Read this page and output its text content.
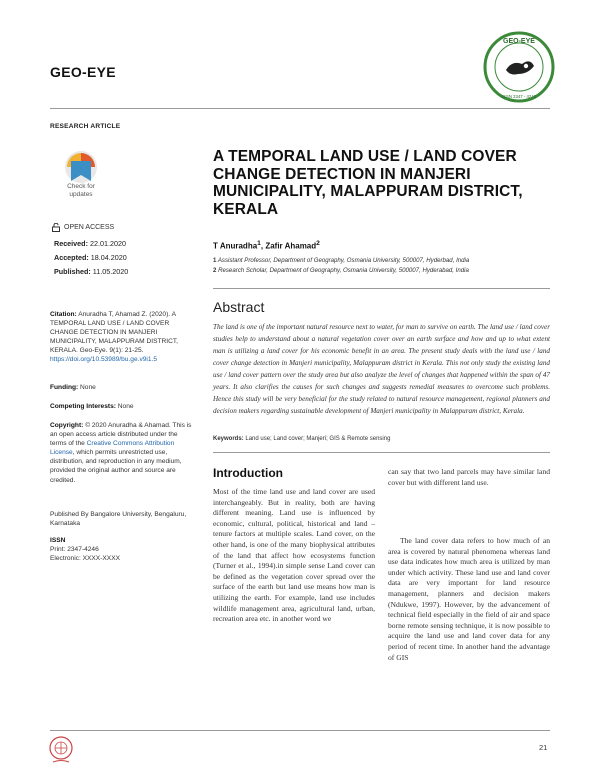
GEO-EYE
GEO-EYE
ISSN 2347 - 4246
RESEARCH ARTICLE
Check for
updates
OPEN ACCESS
Received: 22.01.2020
Accepted: 18.04.2020
Published: 11.05.2020
Citation: Anuradha T, Ahamad Z. (2020). A TEMPORAL LAND USE / LAND COVER CHANGE DETECTION IN MANJERI MUNICIPALITY, MALAPPURAM DISTRICT, KERALA. Geo-Eye. 9(1): 21-25. https://doi.org/10.53989/bu.ge.v9i1.5
Funding: None
Competing Interests: None
Copyright: © 2020 Anuradha & Ahamad. This is an open access article distributed under the terms of the Creative Commons Attribution License, which permits unrestricted use, distribution, and reproduction in any medium, provided the original author and source are credited.
Published By Bangalore University, Bengaluru, Karnataka
ISSN
Print: 2347-4246
Electronic: XXXX-XXXX
A TEMPORAL LAND USE / LAND COVER CHANGE DETECTION IN MANJERI MUNICIPALITY, MALAPPURAM DISTRICT, KERALA
T Anuradha$^1$, Zafir Ahamad$^2$
1 Assistant Professor, Department of Geography, Osmania University, 500007, Hyderbad, India
2 Research Scholar, Department of Geography, Osmania University, 500007, Hyderabad, India
Abstract
The land is one of the important natural resource next to water, for man to survive on earth. The land use / land cover studies help to understand about a natural vegetation cover over an earth surface and how and up to what extent man is utilizing a land cover for his economic benefit in an area. The present study deals with the land use / land cover change detection in Manjeri municipality, Malappuram district in Kerala. This not only study the existing land use / land cover pattern over the study area but also analyze the level of changes that happened within the span of 47 years. It also clarifies the causes for such changes and suggests remedial measures to overcome such problems. Hence this study will be very beneficial for the study related to natural resource management, regional planners and decision makers regarding sustainable development of Manjeri municipality in Malappuram district, Kerala.
Keywords: Land use; Land cover; Manjeri; GIS & Remote sensing
Introduction
Most of the time land use and land cover are used interchangeably. But in reality, both are having different meaning. Land use is influenced by economic, cultural, political, historical and land – tenure factors at multiple scales. Land cover, on the other hand, is one of the many biophysical attributes of the land that affect how ecosystems function (Turner et al., 1994).in simple sense Land cover can be defined as the vegetation cover spread over the surface of the earth but land use means how man is utilizing the earth. For example, land use includes wildlife management area, agricultural land, urban, recreation area etc. in another word we
can say that two land parcels may have similar land cover but with different land use.
The land cover data refers to how much of an area is covered by natural phenomena whereas land use data indicates how much area is utilized by man under which activity. These land use and land cover data are very important for land resource management, planners and decision makers (Ndukwe, 1997). However, by the advancement of technical field especially in the field of air and space borne remote sensing technique, it is now possible to acquire the land use and land cover data for any period of recent time. In another hand the advantage of GIS
21
